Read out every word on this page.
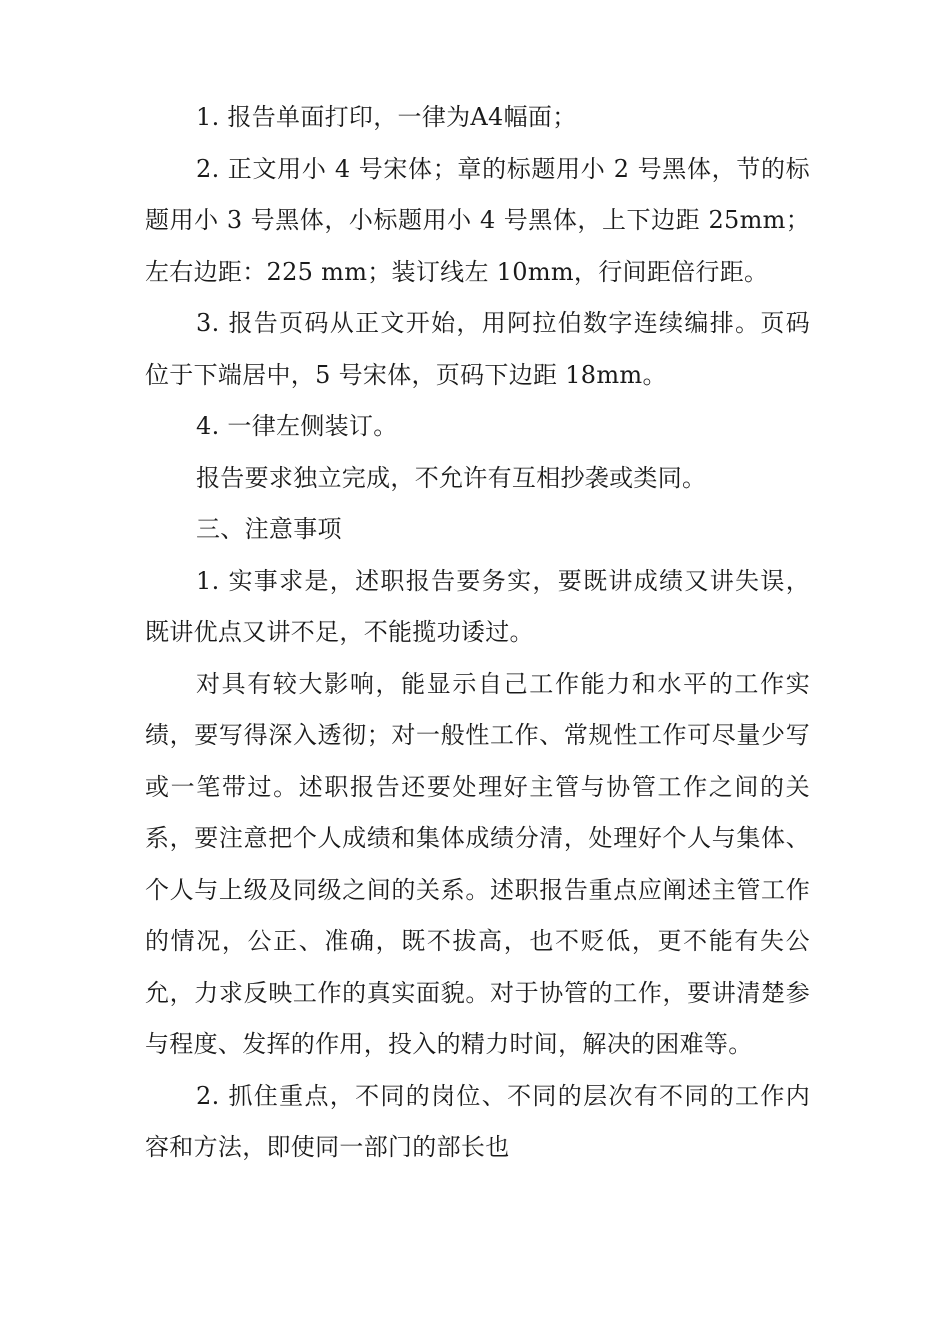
1. 报告单面打印，一律为A4幅面；

2. 正文用小 4 号宋体；章的标题用小 2 号黑体，节的标题用小 3 号黑体，小标题用小 4 号黑体，上下边距 25mm；左右边距：225 mm；装订线左 10mm，行间距倍行距。

3. 报告页码从正文开始，用阿拉伯数字连续编排。页码位于下端居中，5 号宋体，页码下边距 18mm。

4. 一律左侧装订。

报告要求独立完成，不允许有互相抄袭或类同。

三、注意事项

1. 实事求是，述职报告要务实，要既讲成绩又讲失误，既讲优点又讲不足，不能揽功诿过。

对具有较大影响，能显示自己工作能力和水平的工作实绩，要写得深入透彻；对一般性工作、常规性工作可尽量少写或一笔带过。述职报告还要处理好主管与协管工作之间的关系，要注意把个人成绩和集体成绩分清，处理好个人与集体、个人与上级及同级之间的关系。述职报告重点应阐述主管工作的情况，公正、准确，既不拔高，也不贬低，更不能有失公允，力求反映工作的真实面貌。对于协管的工作，要讲清楚参与程度、发挥的作用，投入的精力时间，解决的困难等。

2. 抓住重点，不同的岗位、不同的层次有不同的工作内容和方法，即使同一部门的部长也
